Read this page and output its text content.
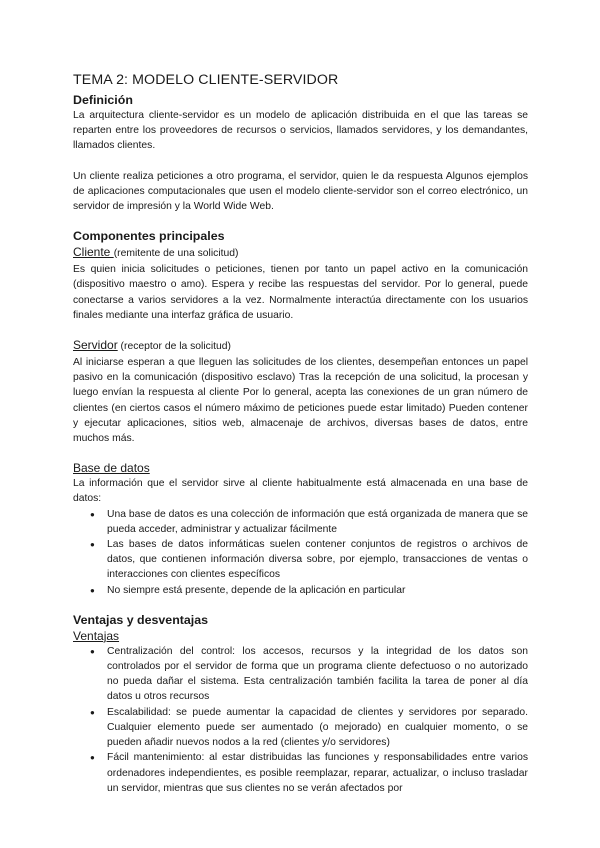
TEMA 2: MODELO CLIENTE-SERVIDOR
Definición

La arquitectura cliente-servidor es un modelo de aplicación distribuida en el que las tareas se reparten entre los proveedores de recursos o servicios, llamados servidores, y los demandantes, llamados clientes.

Un cliente realiza peticiones a otro programa, el servidor, quien le da respuesta Algunos ejemplos de aplicaciones computacionales que usen el modelo cliente-servidor son el correo electrónico, un servidor de impresión y la World Wide Web.

Componentes principales

Cliente (remitente de una solicitud)

Es quien inicia solicitudes o peticiones, tienen por tanto un papel activo en la comunicación (dispositivo maestro o amo). Espera y recibe las respuestas del servidor. Por lo general, puede conectarse a varios servidores a la vez. Normalmente interactúa directamente con los usuarios finales mediante una interfaz gráfica de usuario.

Servidor (receptor de la solicitud)

Al iniciarse esperan a que lleguen las solicitudes de los clientes, desempeñan entonces un papel pasivo en la comunicación (dispositivo esclavo) Tras la recepción de una solicitud, la procesan y luego envían la respuesta al cliente Por lo general, acepta las conexiones de un gran número de clientes (en ciertos casos el número máximo de peticiones puede estar limitado) Pueden contener y ejecutar aplicaciones, sitios web, almacenaje de archivos, diversas bases de datos, entre muchos más.

Base de datos

La información que el servidor sirve al cliente habitualmente está almacenada en una base de datos:

● Una base de datos es una colección de información que está organizada de manera que se pueda acceder, administrar y actualizar fácilmente
● Las bases de datos informáticas suelen contener conjuntos de registros o archivos de datos, que contienen información diversa sobre, por ejemplo, transacciones de ventas o interacciones con clientes específicos
● No siempre está presente, depende de la aplicación en particular
Ventajas y desventajas

Ventajas

● Centralización del control: los accesos, recursos y la integridad de los datos son controlados por el servidor de forma que un programa cliente defectuoso o no autorizado no pueda dañar el sistema. Esta centralización también facilita la tarea de poner al día datos u otros recursos
● Escalabilidad: se puede aumentar la capacidad de clientes y servidores por separado. Cualquier elemento puede ser aumentado (o mejorado) en cualquier momento, o se pueden añadir nuevos nodos a la red (clientes y/o servidores)
● Fácil mantenimiento: al estar distribuidas las funciones y responsabilidades entre varios ordenadores independientes, es posible reemplazar, reparar, actualizar, o incluso trasladar un servidor, mientras que sus clientes no se verán afectados por
